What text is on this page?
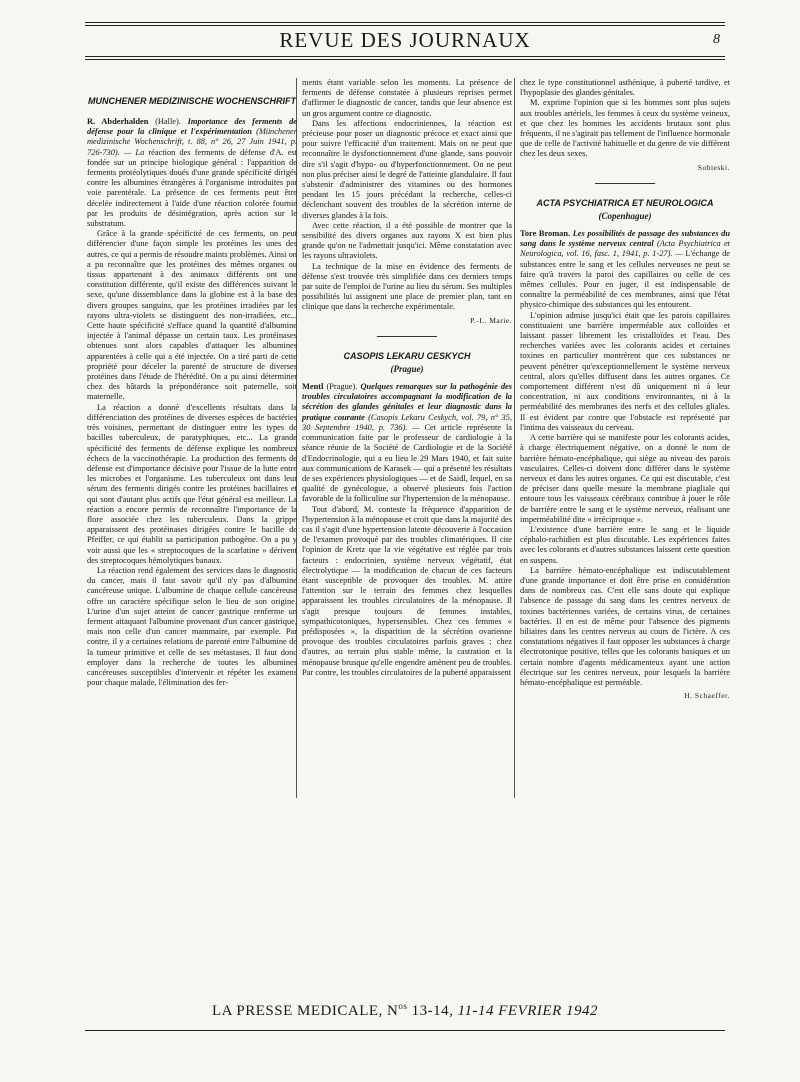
REVUE DES JOURNAUX	8
MUNCHENER MEDIZINISCHE WOCHENSCHRIFT

R. Abderhalden (Halle). Importance des ferments de défense pour la clinique et l'expérimentation (Münchener medizinische Wochenschrift, t. 88, n° 26, 27 Juin 1941, p. 726-730). — La réaction des ferments de défense d'A. est fondée sur un principe biologique général : l'apparition de ferments protéolytiques doués d'une grande spécificité dirigés contre les albumines étrangères à l'organisme introduites par voie parentérale. La présence de ces ferments peut être décelée indirectement à l'aide d'une réaction colorée fournie par les produits de désintégration, après action sur le substratum.

Grâce à la grande spécificité de ces ferments, on peut différencier d'une façon simple les protéines les unes des autres, ce qui a permis de résoudre maints problèmes. Ainsi on a pu reconnaître que les protéines des mêmes organes ou tissus appartenant à des animaux différents ont une constitution différente, qu'il existe des différences suivant le sexe, qu'une dissemblance dans la globine est à la base des divers groupes sanguins, que les protéines irradiées par les rayons ultra-violets se distinguent des non-irradiées, etc... Cette haute spécificité s'efface quand la quantité d'albumine injectée à l'animal dépasse un certain taux. Les protéinases obtenues sont alors capables d'attaquer les albumines apparentées à celle qui a été injectée. On a tiré parti de cette propriété pour déceler la parenté de structure de diverses protéines dans l'étude de l'hérédité. On a pu ainsi déterminer chez des bâtards la prépondérance soit paternelle, soit maternelle.

La réaction a donné d'excellents résultats dans la différenciation des protéines de diverses espèces de bactéries très voisines, permettant de distinguer entre les types de bacilles tuberculeux, de paratyphiques, etc... La grande spécificité des ferments de défense explique les nombreux échecs de la vaccinothérapie. La production des ferments de défense est d'importance décisive pour l'issue de la lutte entre les microbes et l'organisme. Les tuberculeux ont dans leur sérum des ferments dirigés contre les protéines bacillaires et qui sont d'autant plus actifs que l'état général est meilleur. La réaction a encore permis de reconnaître l'importance de la flore associée chez les tuberculeux. Dans la grippe apparaissent des protéinases dirigées contre le bacille de Pfeiffer, ce qui établit sa participation pathogène. On a pu y voir aussi que les « streptocoques de la scarlatine » dérivent des streptocoques hémolytiques banaux.

La réaction rend également des services dans le diagnostic du cancer, mais il faut savoir qu'il n'y pas d'albumine cancéreuse unique. L'albumine de chaque cellule cancéreuse offre un caractère spécifique selon le lieu de son origine. L'urine d'un sujet atteint de cancer gastrique renferme un ferment attaquant l'albumine provenant d'un cancer gastrique, mais non celle d'un cancer mammaire, par exemple. Par contre, il y a certaines relations de parenté entre l'albumine de la tumeur primitive et celle de ses métastases. Il faut donc employer dans la recherche de toutes les albumines cancéreuses susceptibles d'intervenir et répéter les examens pour chaque malade, l'élimination des fer-

ments étant variable selon les moments. La présence de ferments de défense constatée à plusieurs reprises permet d'affirmer le diagnostic de cancer, tandis que leur absence est un gros argument contre ce diagnostic.

Dans les affections endocriniennes, la réaction est précieuse pour poser un diagnostic précoce et exact ainsi que pour suivre l'efficacité d'un traitement. Mais on ne peut que reconnaître le dysfonctionnement d'une glande, sans pouvoir dire s'il s'agit d'hypo- ou d'hyperfonctionnement. On ne peut non plus préciser ainsi le degré de l'atteinte glandulaire. Il faut s'abstenir d'administrer des vitamines ou des hormones pendant les 15 jours précédant la recherche, celles-ci déclenchant souvent des troubles de la sécrétion interne de diverses glandes à la fois.

Avec cette réaction, il a été possible de montrer que la sensibilité des divers organes aux rayons X est bien plus grande qu'on ne l'admettait jusqu'ici. Même constatation avec les rayons ultraviolets.

La technique de la mise en évidence des ferments de défense s'est trouvée très simplifiée dans ces derniers temps par suite de l'emploi de l'urine au lieu du sérum. Ses multiples possibilités lui assignent une place de premier plan, tant en clinique que dans la recherche expérimentale.

P.-L. Marie.
CASOPIS LEKARU CESKYCH
(Prague)

Mentl (Prague). Quelques remarques sur la pathogénie des troubles circulatoires accompagnant la modification de la sécrétion des glandes génitales et leur diagnostic dans la pratique courante (Casopis Lekaru Ceskych, vol. 79, n° 35, 30 Septembre 1940, p. 736). — Cet article représente la communication faite par le professeur de cardiologie à la séance réunie de la Société de Cardiologie et de la Société d'Endocrinologie, qui a eu lieu le 29 Mars 1940, et fait suite aux communications de Karasek — qui a présenté les résultats de ses expériences physiologiques — et de Saidl, lequel, en sa qualité de gynécologue, a observé plusieurs fois l'action favorable de la folliculine sur l'hypertension de la ménopause.

Tout d'abord, M. conteste la fréquence d'apparition de l'hypertension à la ménopause et croit que dans la majorité des cas il s'agit d'une hypertension latente découverte à l'occasion de l'examen provoqué par des troubles climatériques. Il cite l'opinion de Kretz que la vie végétative est réglée par trois facteurs : endocrinien, système nerveux végétatif, état électrolytique — la modification de chacun de ces facteurs étant susceptible de provoquer des troubles. M. attire l'attention sur le terrain des femmes chez lesquelles apparaissent les troubles circulatoires de la ménopause. Il s'agit presque toujours de femmes instables, sympathicotoniques, hypersensibles. Chez ces femmes « prédisposées », la disparition de la sécrétion ovarienne provoque des troubles circulatoires parfois graves ; chez d'autres, au terrain plus stable même, la castration et la ménopause brusque qu'elle engendre amènent peu de troubles. Par contre, les troubles circulatoires de la puberté apparaissent

chez le type constitutionnel asthénique, à puberté tardive, et l'hypoplasie des glandes génitales.

M. exprime l'opinion que si les hommes sont plus sujets aux troubles artériels, les femmes à ceux du système veineux, et que chez les hommes les accidents brutaux sont plus fréquents, il ne s'agirait pas tellement de l'influence hormonale que de celle de l'activité habituelle et du genre de vie différent chez les deux sexes.

Sobieski.
ACTA PSYCHIATRICA ET NEUROLOGICA
(Copenhague)

Tore Broman. Les possibilités de passage des substances du sang dans le système nerveux central (Acta Psychiatrica et Neurologica, vol. 16, fasc. 1, 1941, p. 1-27). — L'échange de substances entre le sang et les cellules nerveuses ne peut se faire qu'à travers la paroi des capillaires ou celle de ces mêmes cellules. Pour en juger, il est indispensable de connaître la perméabilité de ces membranes, ainsi que l'état physico-chimique des substances qui les entourent.

L'opinion admise jusqu'ici était que les parois capillaires constituaient une barrière imperméable aux colloïdes et laissant passer librement les cristalloïdes et l'eau. Des recherches variées avec les colorants acides et certaines toxines en particulier montrèrent que ces substances ne peuvent pénétrer qu'exceptionnellement le système nerveux central, alors qu'elles diffusent dans les autres organes. Ce comportement différent n'est dû uniquement ni à leur concentration, ni aux conditions environnantes, ni à la perméabilité des membranes des nerfs et des cellules gliales. Il est évident par contre que l'obstacle est représenté par l'intima des vaisseaux du cerveau.

A cette barrière qui se manifeste pour les colorants acides, à charge électriquement négative, on a donné le nom de barrière hémato-encéphalique, qui siège au niveau des parois vasculaires. Celles-ci doivent donc différer dans le système nerveux et dans les autres organes. Ce qui est discutable, c'est de préciser dans quelle mesure la membrane piagliale qui entoure tous les vaisseaux cérébraux contribue à jouer le rôle de barrière entre le sang et le système nerveux, réalisant une imperméabilité dite « irréciproque ».

L'existence d'une barrière entre le sang et le liquide céphalo-rachidien est plus discutable. Les expériences faites avec les colorants et d'autres substances laissent cette question en suspens.

La barrière hémato-encéphalique est indiscutablement d'une grande importance et doit être prise en considération dans de nombreux cas. C'est elle sans doute qui explique l'absence de passage du sang dans les centres nerveux de toxines bactériennes variées, de certains virus, de certaines bactéries. Il en est de même pour l'absence des pigments biliaires dans les centres nerveux au cours de l'ictère. A ces constatations négatives il faut opposer les substances à charge électrotonique positive, telles que les colorants basiques et un certain nombre d'agents médicamenteux ayant une action électrique sur les centres nerveux, pour lesquels la barrière hémato-encéphalique est perméable.

H. Schaeffer.
LA PRESSE MEDICALE, $N^{os}$ 13-14, 11-14 FEVRIER 1942
